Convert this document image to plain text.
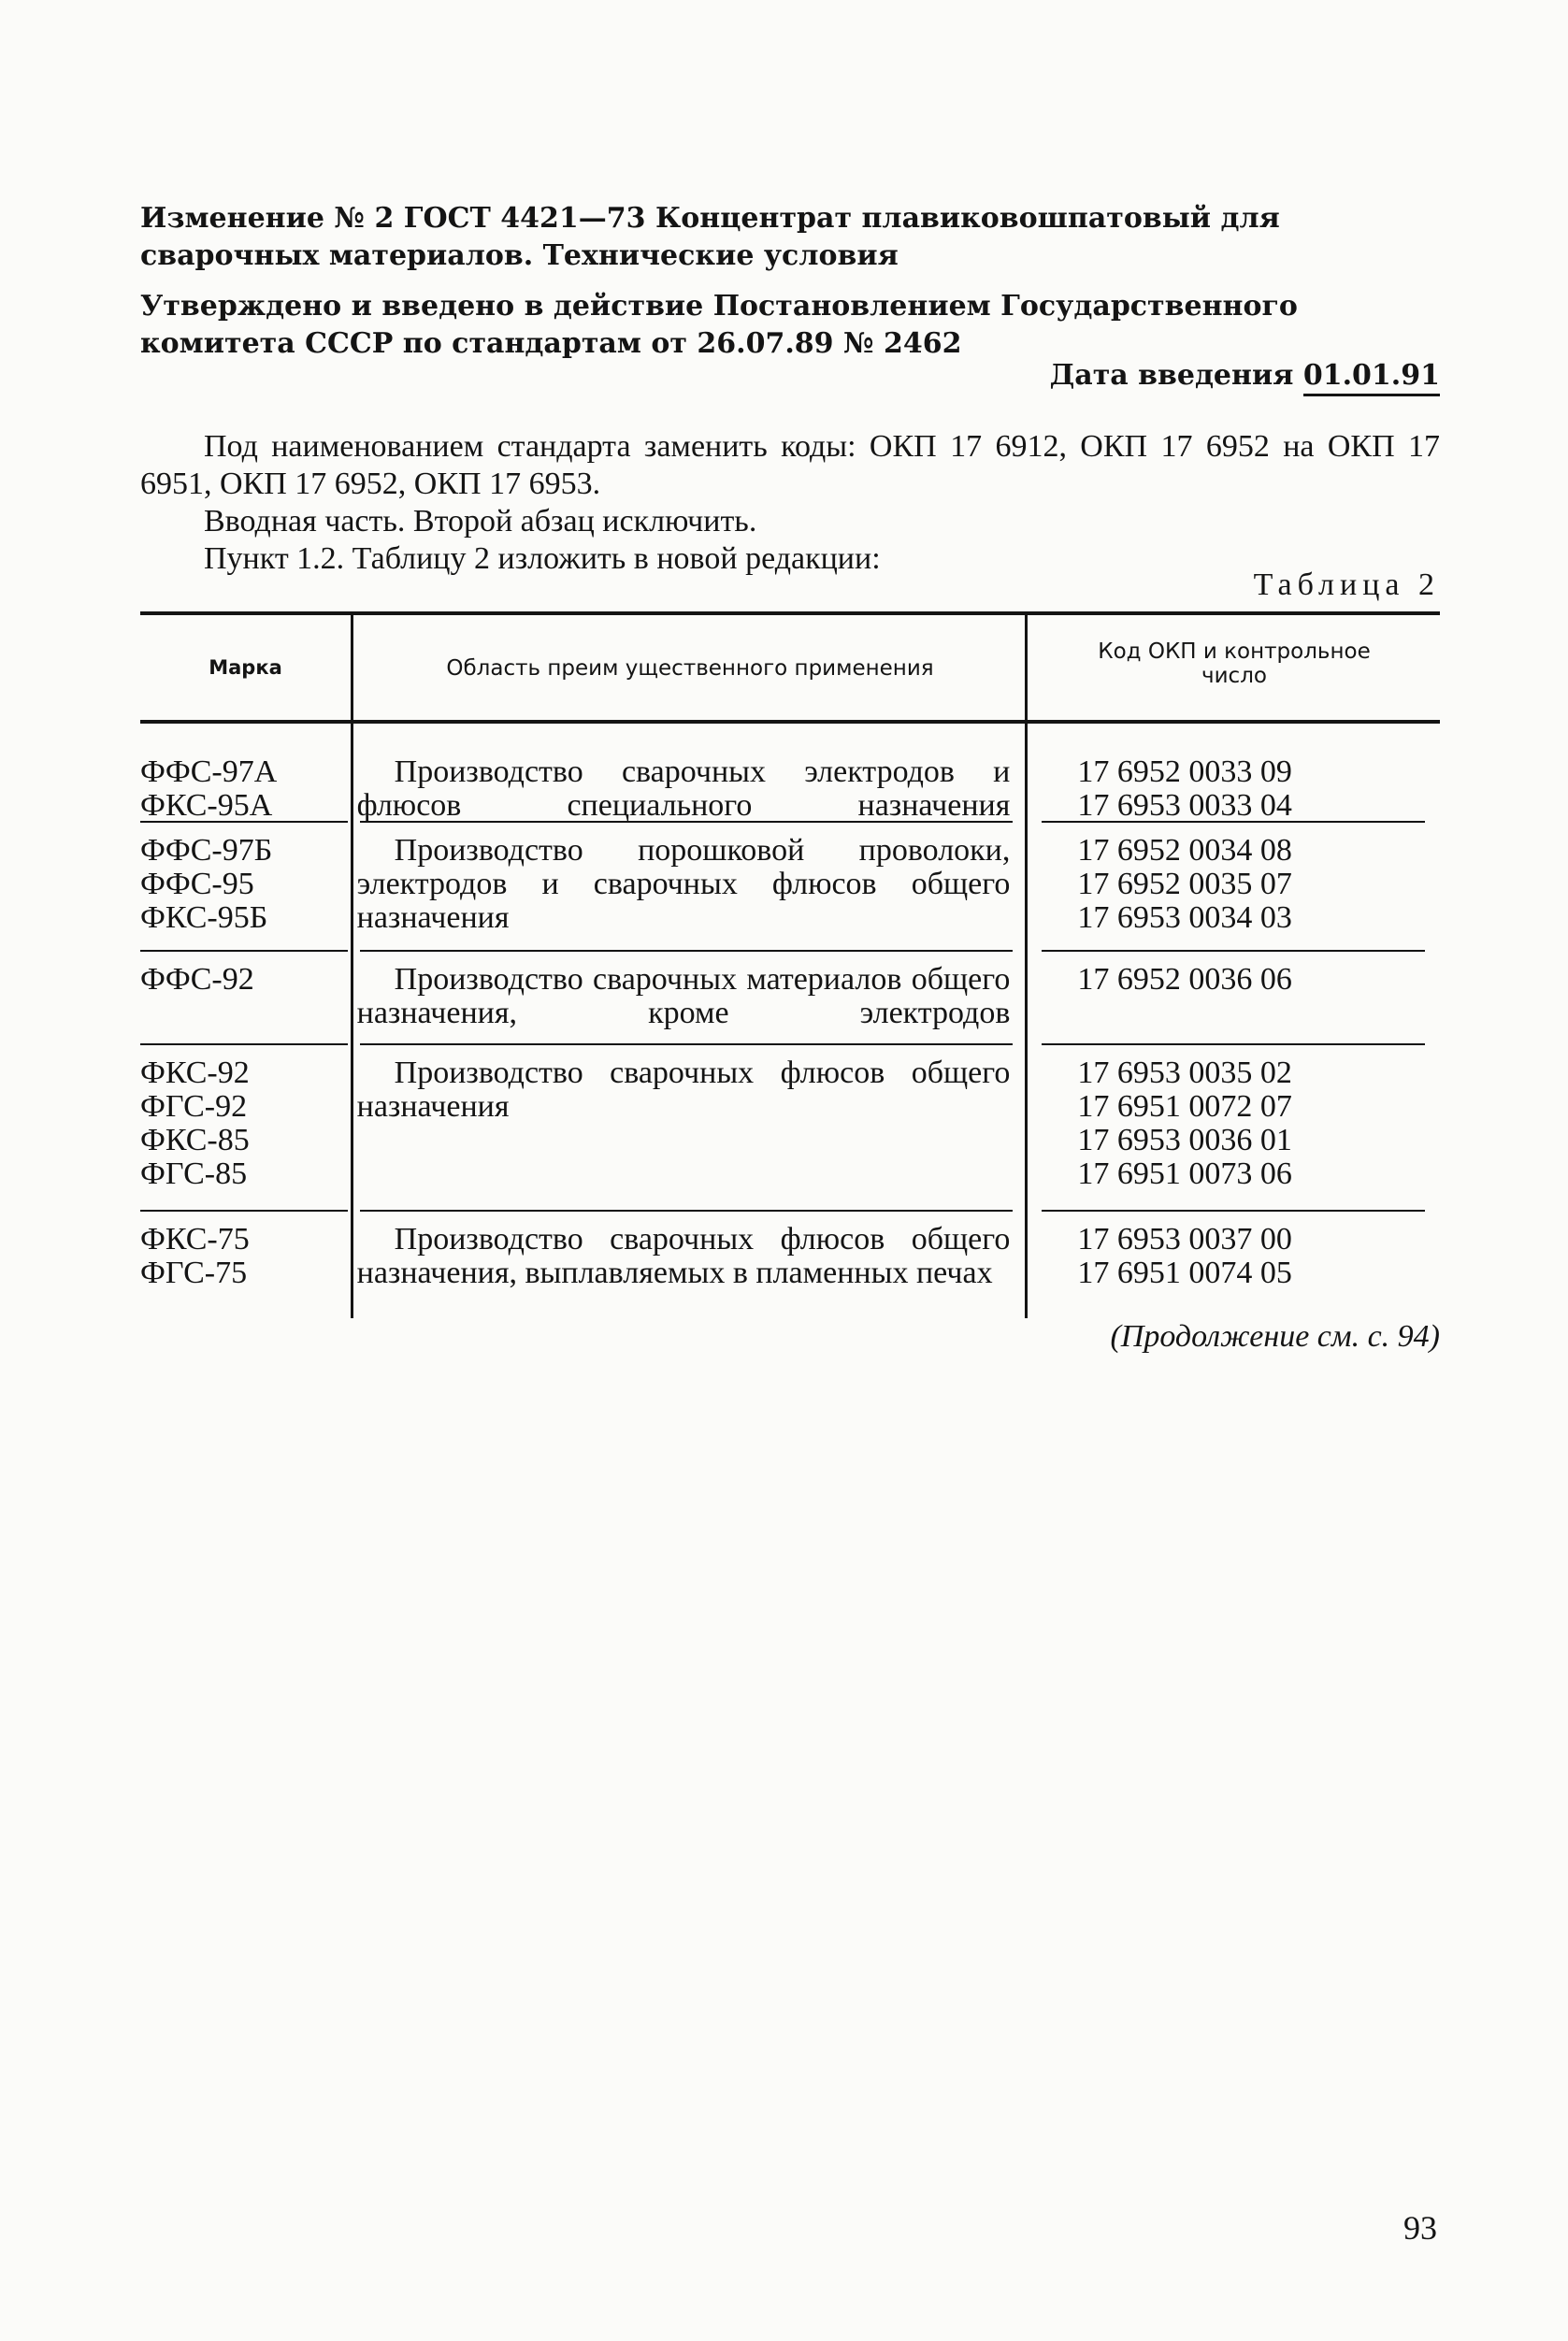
Изменение № 2 ГОСТ 4421—73 Концентрат плавиковошпатовый для сварочных материалов. Технические условия

Утверждено и введено в действие Постановлением Государственного комитета СССР по стандартам от 26.07.89 № 2462

Дата введения 01.01.91

Под наименованием стандарта заменить коды: ОКП 17 6912, ОКП 17 6952 на ОКП 17 6951, ОКП 17 6952, ОКП 17 6953.

Вводная часть. Второй абзац исключить.

Пункт 1.2. Таблицу 2 изложить в новой редакции:

Таблица 2
Марка	Область преим ущественного применения
Код ОКП и контрольное
число
ФФС-97А
ФКС-95А
Производство сварочных электродов и флюсов специального назначения
17 6952 0033 09
17 6953 0033 04
ФФС-97Б
ФФС-95
ФКС-95Б
Производство порошковой проволоки, электродов и сварочных флюсов общего назначения
17 6952 0034 08
17 6952 0035 07
17 6953 0034 03
ФФС-92	Производство сварочных материалов общего назначения, кроме электродов
17 6952 0036 06
ФКС-92
ФГС-92
ФКС-85
ФГС-85
Производство сварочных флюсов общего назначения
17 6953 0035 02
17 6951 0072 07
17 6953 0036 01
17 6951 0073 06
ФКС-75
ФГС-75
Производство сварочных флюсов общего назначения, выплавляемых в пламенных печах
17 6953 0037 00
17 6951 0074 05
(Продолжение см. с. 94)
93
